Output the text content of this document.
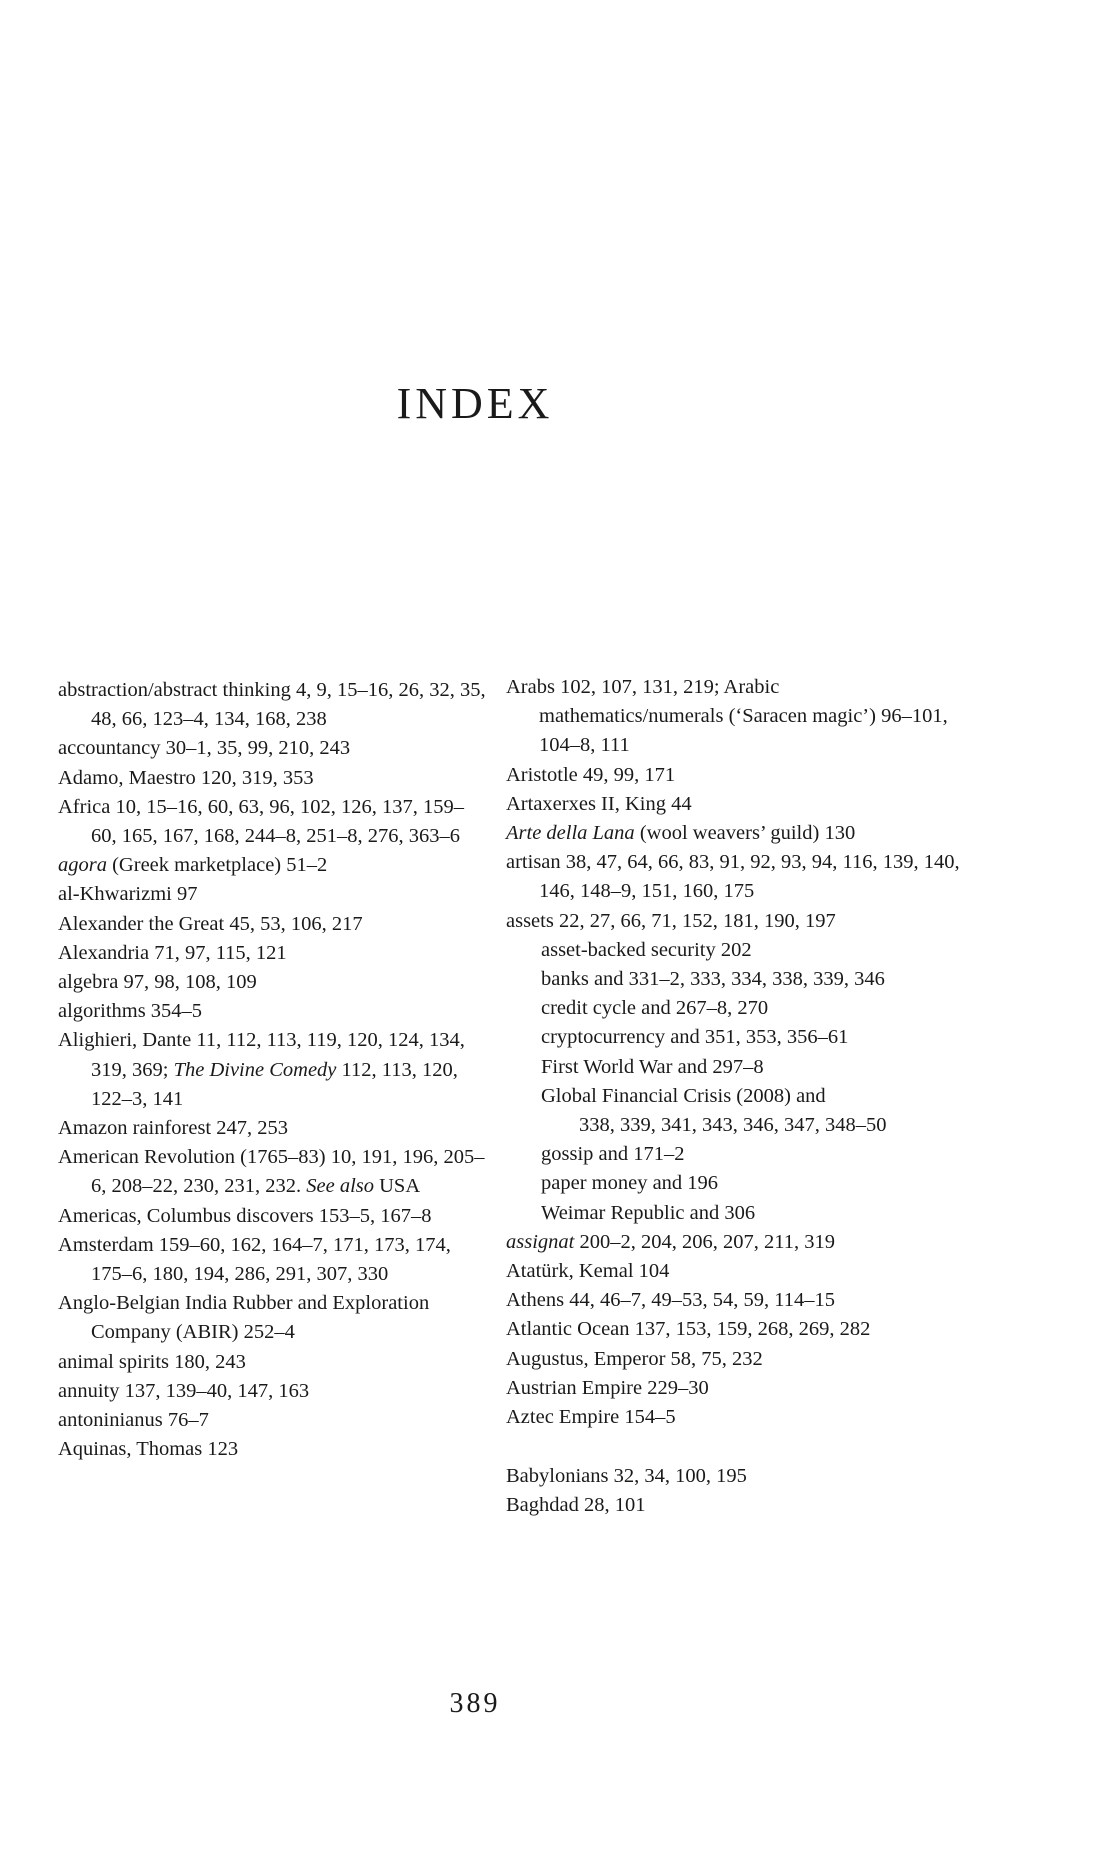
INDEX
abstraction/abstract thinking 4, 9, 15–16, 26, 32, 35, 48, 66, 123–4, 134, 168, 238
accountancy 30–1, 35, 99, 210, 243
Adamo, Maestro 120, 319, 353
Africa 10, 15–16, 60, 63, 96, 102, 126, 137, 159–60, 165, 167, 168, 244–8, 251–8, 276, 363–6
agora (Greek marketplace) 51–2
al-Khwarizmi 97
Alexander the Great 45, 53, 106, 217
Alexandria 71, 97, 115, 121
algebra 97, 98, 108, 109
algorithms 354–5
Alighieri, Dante 11, 112, 113, 119, 120, 124, 134, 319, 369; The Divine Comedy 112, 113, 120, 122–3, 141
Amazon rainforest 247, 253
American Revolution (1765–83) 10, 191, 196, 205–6, 208–22, 230, 231, 232. See also USA
Americas, Columbus discovers 153–5, 167–8
Amsterdam 159–60, 162, 164–7, 171, 173, 174, 175–6, 180, 194, 286, 291, 307, 330
Anglo-Belgian India Rubber and Exploration Company (ABIR) 252–4
animal spirits 180, 243
annuity 137, 139–40, 147, 163
antoninianus 76–7
Aquinas, Thomas 123
Arabs 102, 107, 131, 219; Arabic mathematics/numerals (‘Saracen magic’) 96–101, 104–8, 111
Aristotle 49, 99, 171
Artaxerxes II, King 44
Arte della Lana (wool weavers’ guild) 130
artisan 38, 47, 64, 66, 83, 91, 92, 93, 94, 116, 139, 140, 146, 148–9, 151, 160, 175
assets 22, 27, 66, 71, 152, 181, 190, 197
asset-backed security 202
banks and 331–2, 333, 334, 338, 339, 346
credit cycle and 267–8, 270
cryptocurrency and 351, 353, 356–61
First World War and 297–8
Global Financial Crisis (2008) and
338, 339, 341, 343, 346, 347, 348–50
gossip and 171–2
paper money and 196
Weimar Republic and 306
assignat 200–2, 204, 206, 207, 211, 319
Atatürk, Kemal 104
Athens 44, 46–7, 49–53, 54, 59, 114–15
Atlantic Ocean 137, 153, 159, 268, 269, 282
Augustus, Emperor 58, 75, 232
Austrian Empire 229–30
Aztec Empire 154–5
Babylonians 32, 34, 100, 195
Baghdad 28, 101
389
